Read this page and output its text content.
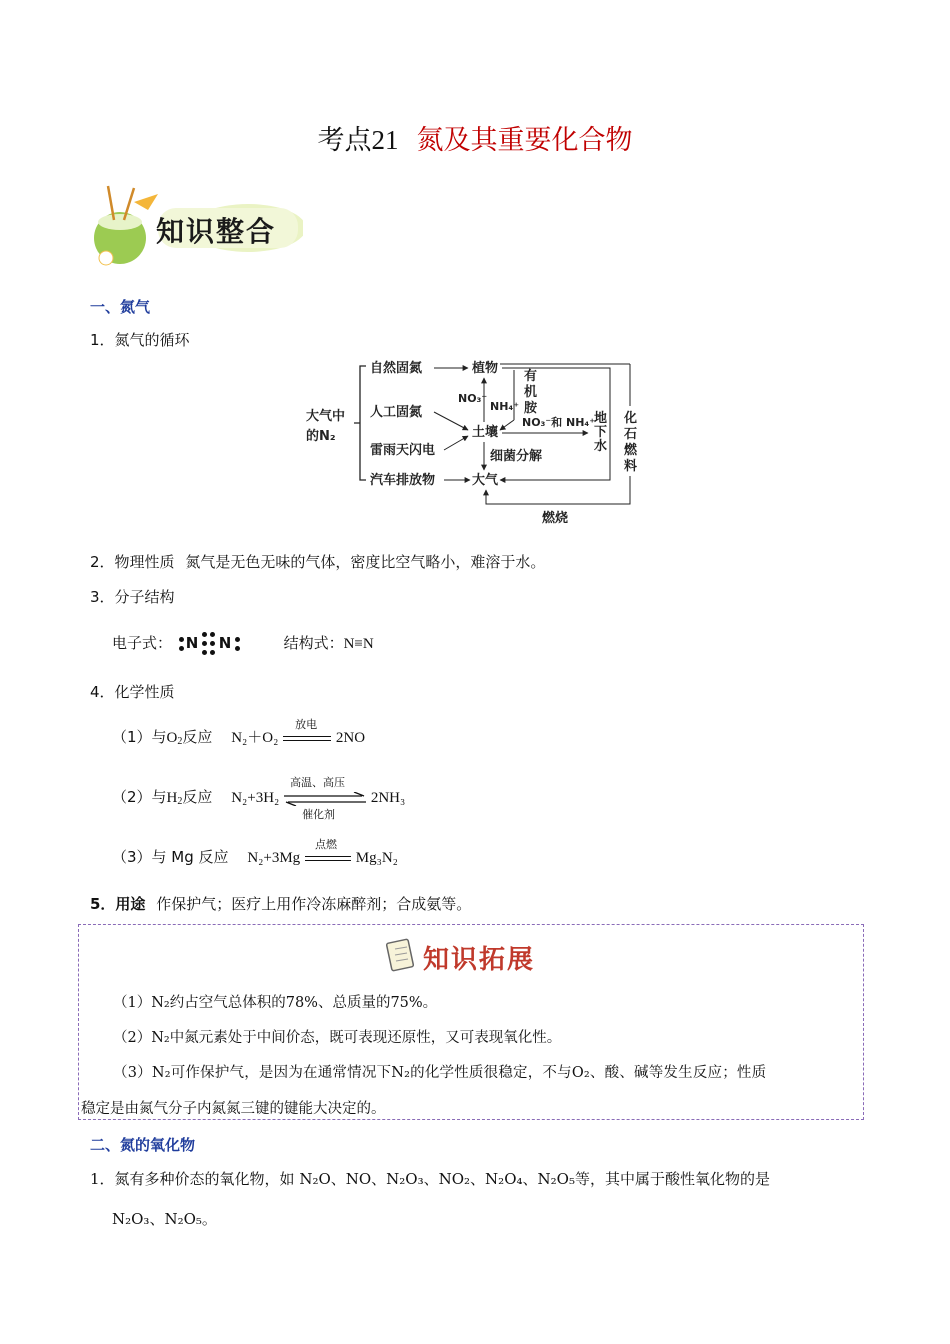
考点21 氮及其重要化合物
知识整合
一、氮气
1．氮气的循环
大气中
的N₂
自然固氮
人工固氮
雷雨天闪电
汽车排放物
植物
土壤
大气
NO₃⁻
NH₄⁺
细菌分解
有
机
胺
NO₃⁻和 NH₄⁺
地
下
水
化
石
燃
料
燃烧
2．物理性质 氮气是无色无味的气体，密度比空气略小，难溶于水。
3．分子结构
电子式： N N	结构式：N≡N
4．化学性质
（1）与$O_2$反应 N₂＋O₂
放电
2NO
（2）与$H_2$反应 N₂+3H₂
高温、高压
催化剂
2NH₃
（3）与 Mg 反应 N₂+3Mg
点燃
Mg₃N₂
5．用途 作保护气；医疗上用作冷冻麻醉剂；合成氨等。
知识拓展
（1）N₂约占空气总体积的78%、总质量的75%。
（2）N₂中氮元素处于中间价态，既可表现还原性，又可表现氧化性。
（3）N₂可作保护气，是因为在通常情况下N₂的化学性质很稳定，不与O₂、酸、碱等发生反应；性质
稳定是由氮气分子内氮氮三键的键能大决定的。
二、氮的氧化物
1．氮有多种价态的氧化物，如 N₂O、NO、N₂O₃、NO₂、N₂O₄、N₂O₅等，其中属于酸性氧化物的是
N₂O₃、N₂O₅。
